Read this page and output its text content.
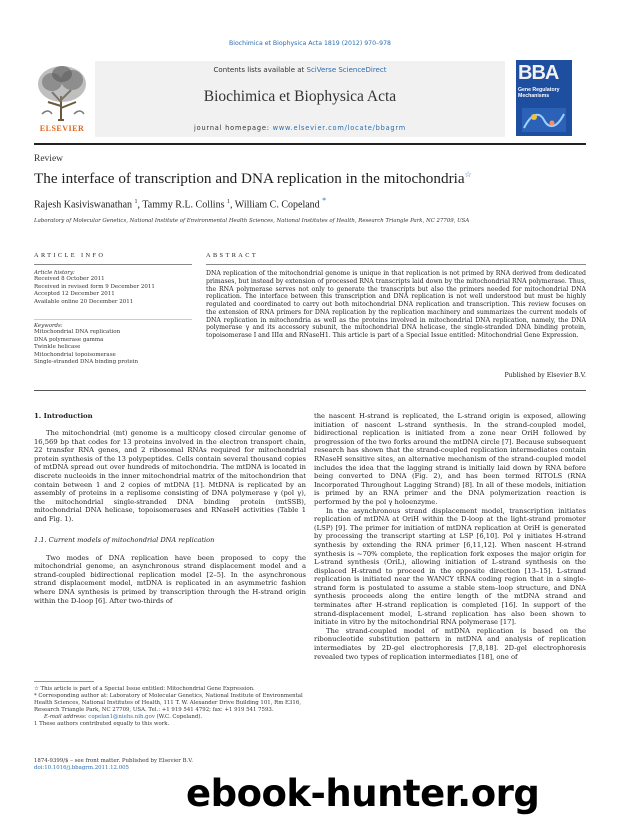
Biochimica et Biophysica Acta 1819 (2012) 970–978
ELSEVIER
Contents lists available at SciVerse ScienceDirect
Biochimica et Biophysica Acta
journal homepage: www.elsevier.com/locate/bbagrm
BBA
Gene Regulatory Mechanisms
Review
The interface of transcription and DNA replication in the mitochondria☆
Rajesh Kasiviswanathan $^1$, Tammy R.L. Collins $^1$, William C. Copeland *
Laboratory of Molecular Genetics, National Institute of Environmental Health Sciences, National Institutes of Health, Research Triangle Park, NC 27709, USA
ARTICLE INFO	ABSTRACT
Article history:
Received 8 October 2011
Received in revised form 9 December 2011
Accepted 12 December 2011
Available online 20 December 2011
Keywords:
Mitochondrial DNA replication
DNA polymerase gamma
Twinkle helicase
Mitochondrial topoisomerase
Single-stranded DNA binding protein
DNA replication of the mitochondrial genome is unique in that replication is not primed by RNA derived from dedicated primases, but instead by extension of processed RNA transcripts laid down by the mitochondrial RNA polymerase. Thus, the RNA polymerase serves not only to generate the transcripts but also the primers needed for mitochondrial DNA replication. The interface between this transcription and DNA replication is not well understood but must be highly regulated and coordinated to carry out both mitochondrial DNA replication and transcription. This review focuses on the extension of RNA primers for DNA replication by the replication machinery and summarizes the current models of DNA replication in mitochondria as well as the proteins involved in mitochondrial DNA replication, namely, the DNA polymerase γ and its accessory subunit, the mitochondrial DNA helicase, the single-stranded DNA binding protein, topoisomerase I and IIIα and RNaseH1. This article is part of a Special Issue entitled: Mitochondrial Gene Expression.
Published by Elsevier B.V.
1. Introduction
The mitochondrial (mt) genome is a multicopy closed circular genome of 16,569 bp that codes for 13 proteins involved in the electron transport chain, 22 transfer RNA genes, and 2 ribosomal RNAs required for mitochondrial protein synthesis of the 13 polypeptides. Cells contain several thousand copies of mtDNA spread out over hundreds of mitochondria. The mtDNA is located in discrete nucleoids in the inner mitochondrial matrix of the mitochondrion that contain between 1 and 2 copies of mtDNA [1]. MtDNA is replicated by an assembly of proteins in a replisome consisting of DNA polymerase γ (pol γ), the mitochondrial single-stranded DNA binding protein (mtSSB), mitochondrial DNA helicase, topoisomerases and RNaseH activities (Table 1 and Fig. 1).
1.1. Current models of mitochondrial DNA replication
Two modes of DNA replication have been proposed to copy the mitochondrial genome, an asynchronous strand displacement model and a strand-coupled bidirectional replication model [2–5]. In the asynchronous strand displacement model, mtDNA is replicated in an asymmetric fashion where DNA synthesis is primed by transcription through the H-strand origin within the D-loop [6]. After two-thirds of
the nascent H-strand is replicated, the L-strand origin is exposed, allowing initiation of nascent L-strand synthesis. In the strand-coupled model, bidirectional replication is initiated from a zone near OriH followed by progression of the two forks around the mtDNA circle [7]. Because subsequent research has shown that the strand-coupled replication intermediates contain RNaseH sensitive sites, an alternative mechanism of the strand-coupled model includes the idea that the lagging strand is initially laid down by RNA before being converted to DNA (Fig. 2), and has been termed RITOLS (RNA Incorporated Throughout Lagging Strand) [8]. In all of these models, initiation is primed by an RNA primer and the DNA polymerization reaction is performed by the pol γ holoenzyme.
In the asynchronous strand displacement model, transcription initiates replication of mtDNA at OriH within the D-loop at the light-strand promoter (LSP) [9]. The primer for initiation of mtDNA replication at OriH is generated by processing the transcript starting at LSP [6,10]. Pol γ initiates H-strand synthesis by extending the RNA primer [6,11,12]. When nascent H-strand synthesis is ~70% complete, the replication fork exposes the major origin for L-strand synthesis (OriL), allowing initiation of L-strand synthesis on the displaced H-strand to proceed in the opposite direction [13–15]. L-strand replication is initiated near the WANCY tRNA coding region that in a single-strand form is postulated to assume a stable stem–loop structure, and DNA synthesis proceeds along the entire length of the mtDNA strand and terminates after H-strand replication is completed [16]. In support of the strand-displacement model, L-strand replication has also been shown to initiate in vitro by the mitochondrial RNA polymerase [17].
The strand-coupled model of mtDNA replication is based on the ribonucleotide substitution pattern in mtDNA and analysis of replication intermediates by 2D-gel electrophoresis [7,8,18]. 2D-gel electrophoresis revealed two types of replication intermediates [18], one of
☆ This article is part of a Special Issue entitled: Mitochondrial Gene Expression.
* Corresponding author at: Laboratory of Molecular Genetics, National Institute of Environmental Health Sciences, National Institutes of Health, 111 T. W. Alexander Drive Building 101, Rm E316, Research Triangle Park, NC 27709, USA. Tel.: +1 919 541 4792; fax: +1 919 541 7593.
E-mail address: copelan1@niehs.nih.gov (W.C. Copeland).
1 These authors contributed equally to this work.
1874-9399/$ – see front matter. Published by Elsevier B.V.
doi:10.1016/j.bbagrm.2011.12.005
ebook-hunter.org
